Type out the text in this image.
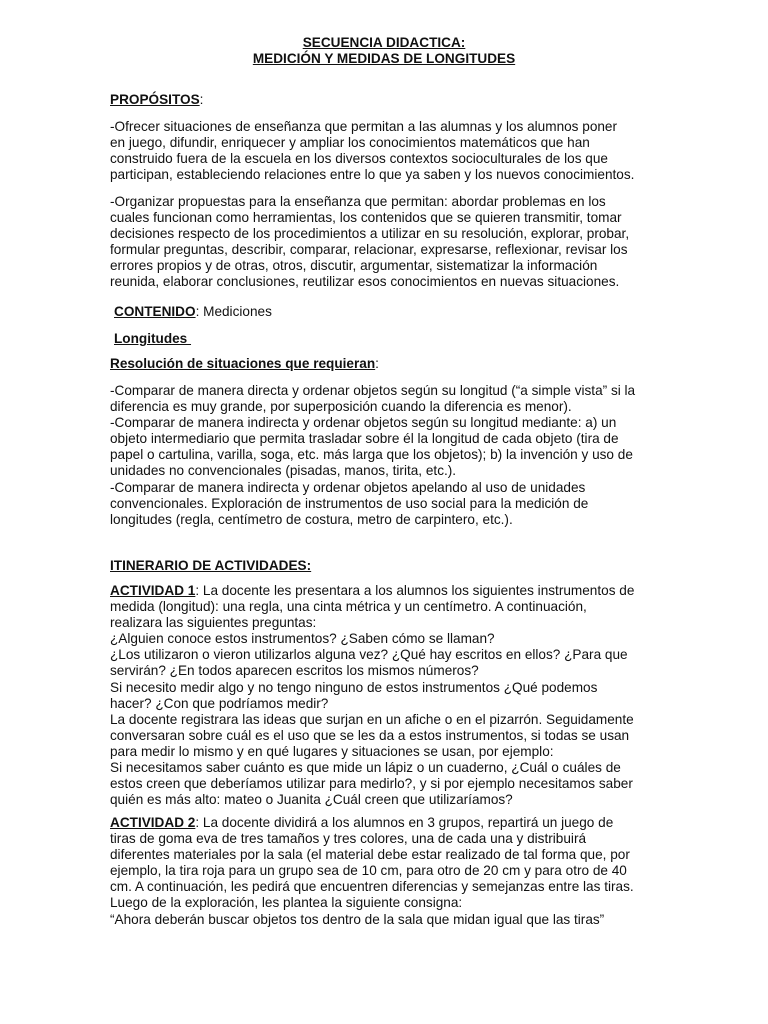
SECUENCIA DIDACTICA:
MEDICIÓN Y MEDIDAS DE LONGITUDES
PROPÓSITOS:
-Ofrecer situaciones de enseñanza que permitan a las alumnas y los alumnos poner
en juego, difundir, enriquecer y ampliar los conocimientos matemáticos que han
construido fuera de la escuela en los diversos contextos socioculturales de los que
participan, estableciendo relaciones entre lo que ya saben y los nuevos conocimientos.
-Organizar propuestas para la enseñanza que permitan: abordar problemas en los
cuales funcionan como herramientas, los contenidos que se quieren transmitir, tomar
decisiones respecto de los procedimientos a utilizar en su resolución, explorar, probar,
formular preguntas, describir, comparar, relacionar, expresarse, reflexionar, revisar los
errores propios y de otras, otros, discutir, argumentar, sistematizar la información
reunida, elaborar conclusiones, reutilizar esos conocimientos en nuevas situaciones.
CONTENIDO: Mediciones
Longitudes
Resolución de situaciones que requieran:
-Comparar de manera directa y ordenar objetos según su longitud (“a simple vista” si la
diferencia es muy grande, por superposición cuando la diferencia es menor).
-Comparar de manera indirecta y ordenar objetos según su longitud mediante: a) un
objeto intermediario que permita trasladar sobre él la longitud de cada objeto (tira de
papel o cartulina, varilla, soga, etc. más larga que los objetos); b) la invención y uso de
unidades no convencionales (pisadas, manos, tirita, etc.).
-Comparar de manera indirecta y ordenar objetos apelando al uso de unidades
convencionales. Exploración de instrumentos de uso social para la medición de
longitudes (regla, centímetro de costura, metro de carpintero, etc.).
ITINERARIO DE ACTIVIDADES:
ACTIVIDAD 1: La docente les presentara a los alumnos los siguientes instrumentos de
medida (longitud): una regla, una cinta métrica y un centímetro. A continuación,
realizara las siguientes preguntas:
¿Alguien conoce estos instrumentos? ¿Saben cómo se llaman?
¿Los utilizaron o vieron utilizarlos alguna vez? ¿Qué hay escritos en ellos? ¿Para que
servirán? ¿En todos aparecen escritos los mismos números?
Si necesito medir algo y no tengo ninguno de estos instrumentos ¿Qué podemos
hacer? ¿Con que podríamos medir?
La docente registrara las ideas que surjan en un afiche o en el pizarrón. Seguidamente
conversaran sobre cuál es el uso que se les da a estos instrumentos, si todas se usan
para medir lo mismo y en qué lugares y situaciones se usan, por ejemplo:
Si necesitamos saber cuánto es que mide un lápiz o un cuaderno, ¿Cuál o cuáles de
estos creen que deberíamos utilizar para medirlo?, y si por ejemplo necesitamos saber
quién es más alto: mateo o Juanita ¿Cuál creen que utilizaríamos?
ACTIVIDAD 2: La docente dividirá a los alumnos en 3 grupos, repartirá un juego de
tiras de goma eva de tres tamaños y tres colores, una de cada una y distribuirá
diferentes materiales por la sala (el material debe estar realizado de tal forma que, por
ejemplo, la tira roja para un grupo sea de 10 cm, para otro de 20 cm y para otro de 40
cm. A continuación, les pedirá que encuentren diferencias y semejanzas entre las tiras.
Luego de la exploración, les plantea la siguiente consigna:
“Ahora deberán buscar objetos tos dentro de la sala que midan igual que las tiras”
